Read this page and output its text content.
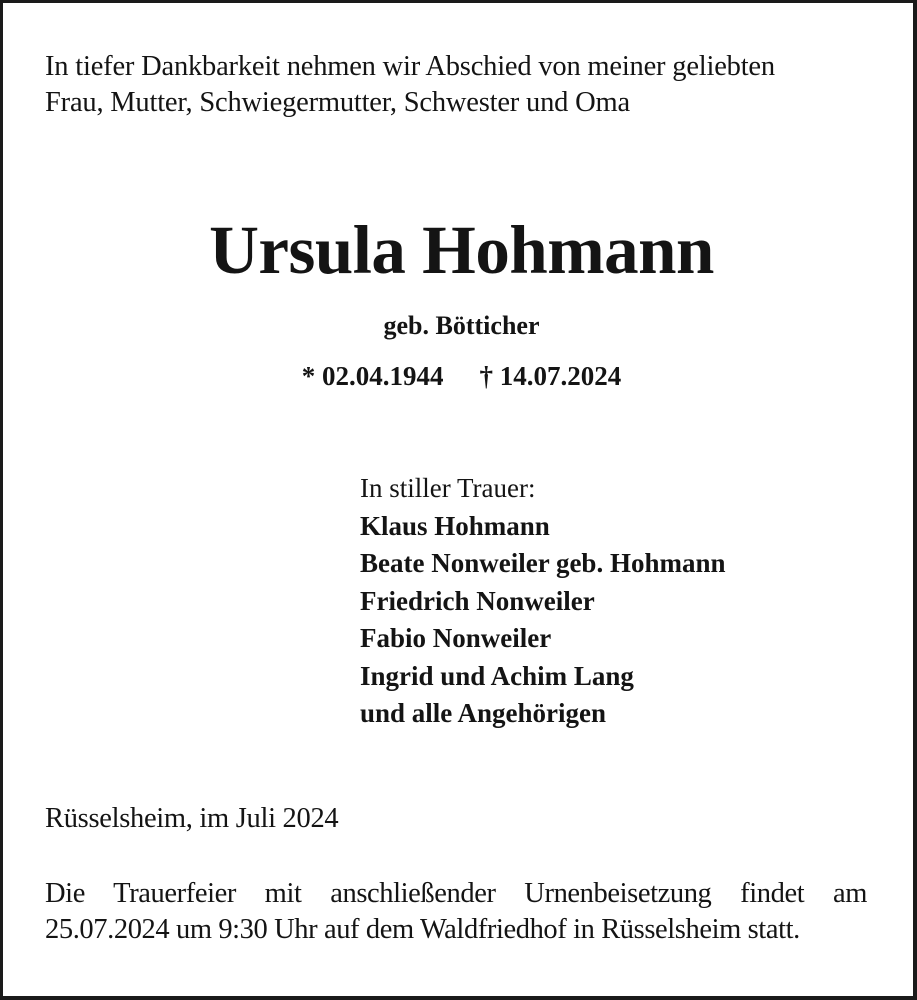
In tiefer Dankbarkeit nehmen wir Abschied von meiner geliebten
Frau, Mutter, Schwiegermutter, Schwester und Oma
Ursula Hohmann
geb. Bötticher
* 02.04.1944 † 14.07.2024
In stiller Trauer:
Klaus Hohmann
Beate Nonweiler geb. Hohmann
Friedrich Nonweiler
Fabio Nonweiler
Ingrid und Achim Lang
und alle Angehörigen
Rüsselsheim, im Juli 2024
Die Trauerfeier mit anschließender Urnenbeisetzung findet am
25.07.2024 um 9:30 Uhr auf dem Waldfriedhof in Rüsselsheim statt.
